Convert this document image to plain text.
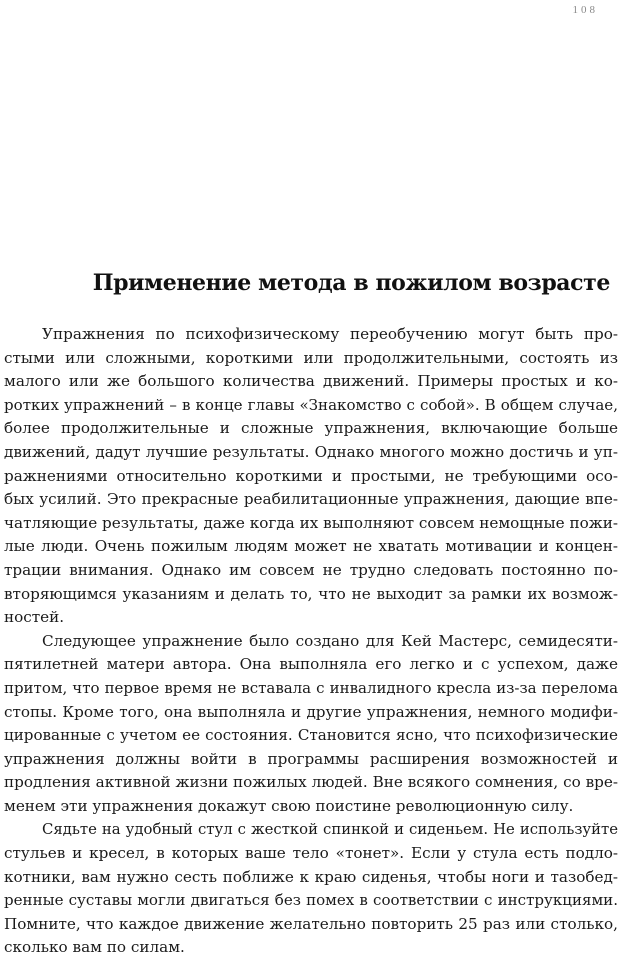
108
Применение метода в пожилом возрасте

Упражнения по психофизическому переобучению могут быть про-
стыми или сложными, короткими или продолжительными, состоять из
малого или же большого количества движений. Примеры простых и ко-
ротких упражнений – в конце главы «Знакомство с собой». В общем случае,
более продолжительные и сложные упражнения, включающие больше
движений, дадут лучшие результаты. Однако многого можно достичь и уп-
ражнениями относительно короткими и простыми, не требующими осо-
бых усилий. Это прекрасные реабилитационные упражнения, дающие впе-
чатляющие результаты, даже когда их выполняют совсем немощные пожи-
лые люди. Очень пожилым людям может не хватать мотивации и концен-
трации внимания. Однако им совсем не трудно следовать постоянно по-
вторяющимся указаниям и делать то, что не выходит за рамки их возмож-
ностей.

Следующее упражнение было создано для Кей Мастерс, семидесяти-
пятилетней матери автора. Она выполняла его легко и с успехом, даже
притом, что первое время не вставала с инвалидного кресла из-за перелома
стопы. Кроме того, она выполняла и другие упражнения, немного модифи-
цированные с учетом ее состояния. Становится ясно, что психофизические
упражнения должны войти в программы расширения возможностей и
продления активной жизни пожилых людей. Вне всякого сомнения, со вре-
менем эти упражнения докажут свою поистине революционную силу.

Сядьте на удобный стул с жесткой спинкой и сиденьем. Не используйте
стульев и кресел, в которых ваше тело «тонет». Если у стула есть подло-
котники, вам нужно сесть поближе к краю сиденья, чтобы ноги и тазобед-
ренные суставы могли двигаться без помех в соответствии с инструкциями.
Помните, что каждое движение желательно повторить 25 раз или столько,
сколько вам по силам.
